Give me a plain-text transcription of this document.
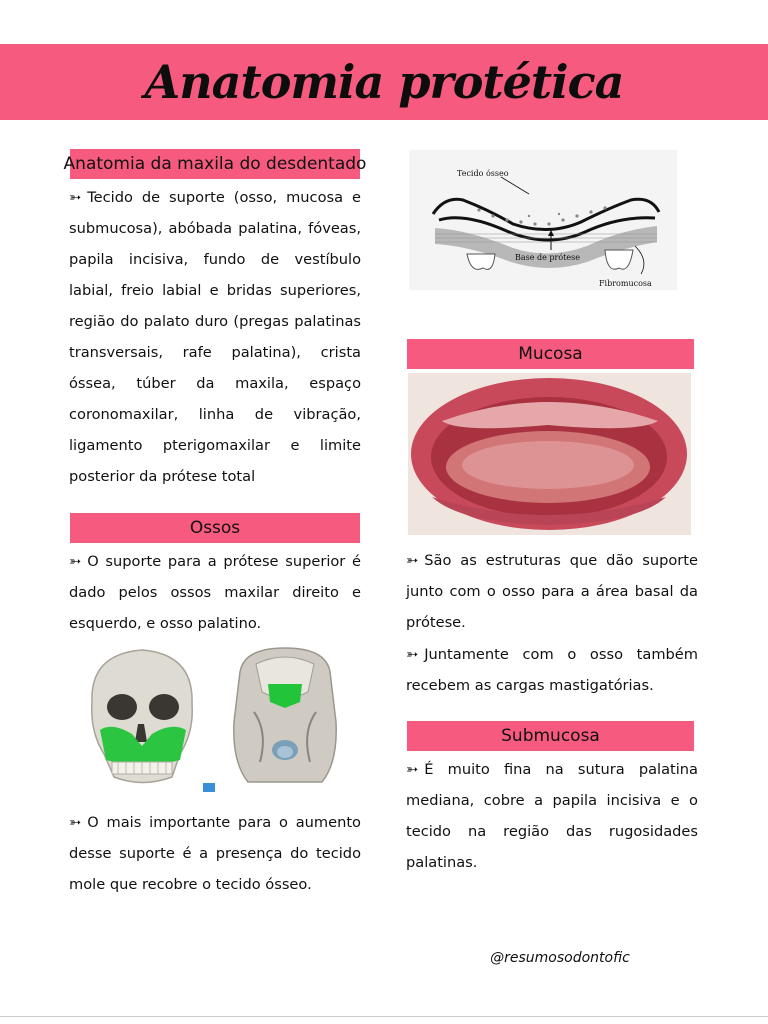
Anatomia protética
Anatomia da maxila do desdentado

➳ Tecido de suporte (osso, mucosa e submucosa), abóbada palatina, fóveas, papila incisiva, fundo de vestíbulo labial, freio labial e bridas superiores, região do palato duro (pregas palatinas transversais, rafe palatina), crista óssea, túber da maxila, espaço coronomaxilar, linha de vibração, ligamento pterigomaxilar e limite posterior da prótese total

Ossos

➳ O suporte para a prótese superior é dado pelos ossos maxilar direito e esquerdo, e osso palatino.

➳ O mais importante para o aumento desse suporte é a presença do tecido mole que recobre o tecido ósseo.

Tecido ósseo
Base de prótese
Fibromucosa
Mucosa

➳ São as estruturas que dão suporte junto com o osso para a área basal da prótese.

➳ Juntamente com o osso também recebem as cargas mastigatórias.

Submucosa

➳ É muito fina na sutura palatina mediana, cobre a papila incisiva e o tecido na região das rugosidades palatinas.

@resumosodontofic
